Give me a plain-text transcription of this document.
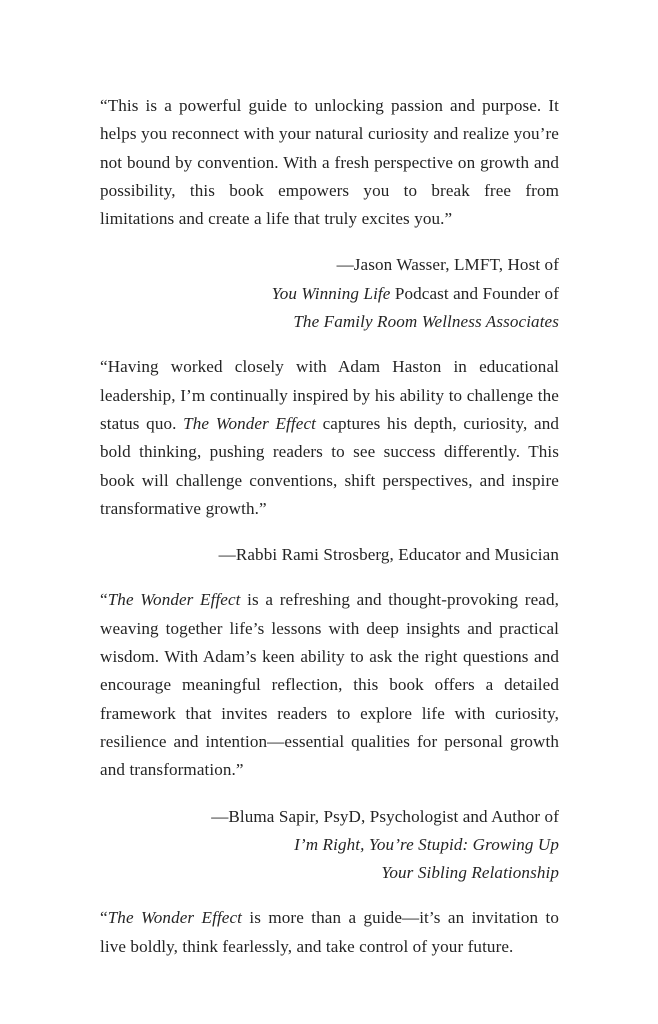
“This is a powerful guide to unlocking passion and purpose. It helps you reconnect with your natural curiosity and realize you’re not bound by convention. With a fresh perspective on growth and possibility, this book empowers you to break free from limitations and create a life that truly excites you.”

—Jason Wasser, LMFT, Host of
You Winning Life Podcast and Founder of
The Family Room Wellness Associates

“Having worked closely with Adam Haston in educational leadership, I’m continually inspired by his ability to challenge the status quo. The Wonder Effect captures his depth, curiosity, and bold thinking, pushing readers to see success differently. This book will challenge conventions, shift perspectives, and inspire transformative growth.”

—Rabbi Rami Strosberg, Educator and Musician

“The Wonder Effect is a refreshing and thought-provoking read, weaving together life’s lessons with deep insights and practical wisdom. With Adam’s keen ability to ask the right questions and encourage meaningful reflection, this book offers a detailed framework that invites readers to explore life with curiosity, resilience and intention—essential qualities for personal growth and transformation.”

—Bluma Sapir, PsyD, Psychologist and Author of
I’m Right, You’re Stupid: Growing Up
Your Sibling Relationship

“The Wonder Effect is more than a guide—it’s an invitation to live boldly, think fearlessly, and take control of your future.
